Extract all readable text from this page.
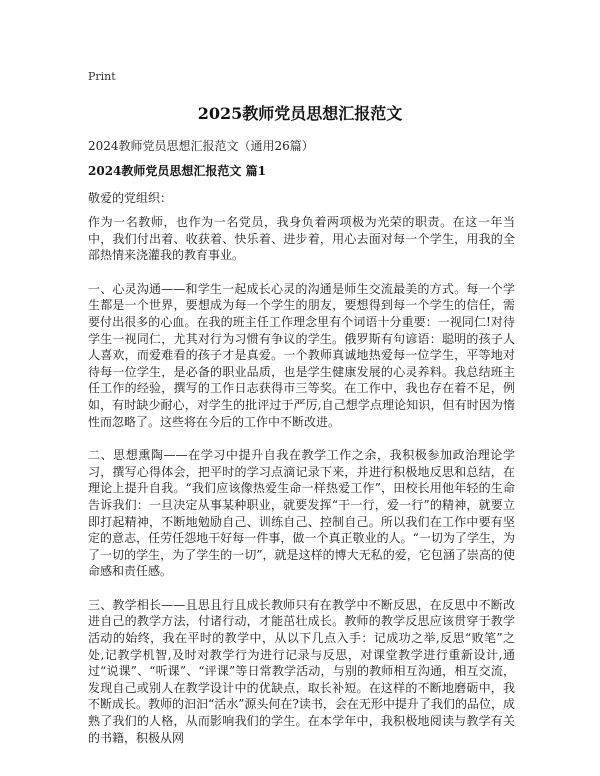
Print
2025教师党员思想汇报范文
2024教师党员思想汇报范文（通用26篇）
2024教师党员思想汇报范文 篇1
敬爱的党组织：

作为一名教师，也作为一名党员，我身负着两项极为光荣的职责。在这一年当中，我们付出着、收获着、快乐着、进步着，用心去面对每一个学生，用我的全部热情来浇灌我的教育事业。

一、心灵沟通——和学生一起成长心灵的沟通是师生交流最美的方式。每一个学生都是一个世界，要想成为每一个学生的朋友，要想得到每一个学生的信任，需要付出很多的心血。在我的班主任工作理念里有个词语十分重要：一视同仁!对待学生一视同仁，尤其对行为习惯有争议的学生。俄罗斯有句谚语：聪明的孩子人人喜欢，而爱难看的孩子才是真爱。一个教师真诚地热爱每一位学生，平等地对待每一位学生，是必备的职业品质，也是学生健康发展的心灵养料。我总结班主任工作的经验，撰写的工作日志获得市三等奖。在工作中，我也存在着不足，例如，有时缺少耐心，对学生的批评过于严厉,自己想学点理论知识，但有时因为惰性而忽略了。这些将在今后的工作中不断改进。

二、思想熏陶——在学习中提升自我在教学工作之余，我积极参加政治理论学习，撰写心得体会，把平时的学习点滴记录下来，并进行积极地反思和总结，在理论上提升自我。“我们应该像热爱生命一样热爱工作”，田校长用他年轻的生命告诉我们：一旦决定从事某种职业，就要发挥“干一行，爱一行”的精神，就要立即打起精神，不断地勉励自己、训练自己、控制自己。所以我们在工作中要有坚定的意志，任劳任怨地干好每一件事，做一个真正敬业的人。“一切为了学生，为了一切的学生，为了学生的一切”，就是这样的博大无私的爱，它包涵了崇高的使命感和责任感。

三、教学相长——且思且行且成长教师只有在教学中不断反思，在反思中不断改进自己的教学方法，付诸行动，才能茁壮成长。教师的教学反思应该贯穿于教学活动的始终，我在平时的教学中，从以下几点入手：记成功之举,反思“败笔”之处,记教学机智,及时对教学行为进行记录与反思，对课堂教学进行重新设计,通过“说课”、“听课”、“评课”等日常教学活动，与别的教师相互沟通，相互交流，发现自己或别人在教学设计中的优缺点，取长补短。在这样的不断地磨砺中，我不断成长。教师的汩汩“活水”源头何在?读书，会在无形中提升了我们的品位，成熟了我们的人格，从而影响我们的学生。在本学年中，我积极地阅读与教学有关的书籍，积极从网
